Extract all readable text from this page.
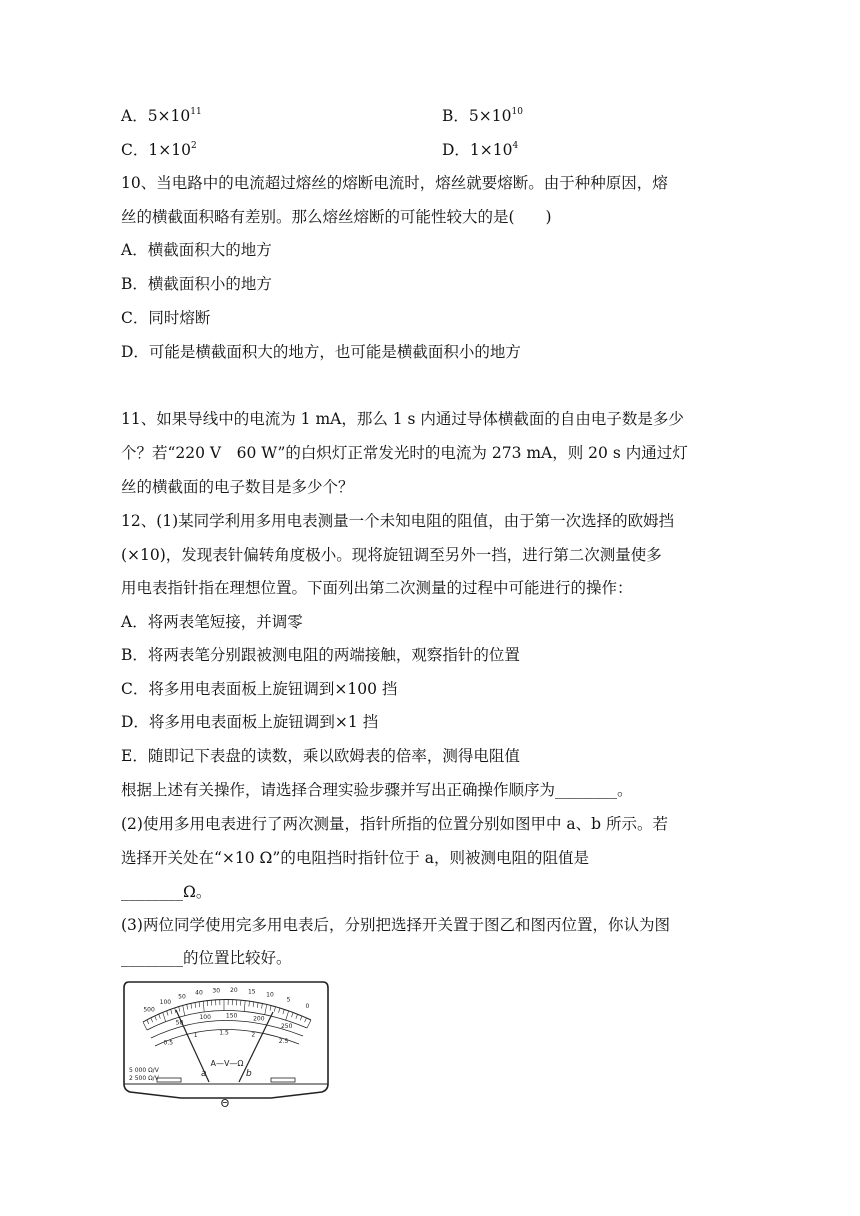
A．$5\times 10^{11}$	B．$5\times 10^{10}$
C．$1\times 10^2$	D．$1\times 10^4$
10、当电路中的电流超过熔丝的熔断电流时，熔丝就要熔断。由于种种原因，熔
丝的横截面积略有差别。那么熔丝熔断的可能性较大的是(　　)
A．横截面积大的地方
B．横截面积小的地方
C．同时熔断
D．可能是横截面积大的地方，也可能是横截面积小的地方
11、如果导线中的电流为 1 mA，那么 1 s 内通过导体横截面的自由电子数是多少
个？若“220 V　60 W”的白炽灯正常发光时的电流为 273 mA，则 20 s 内通过灯
丝的横截面的电子数目是多少个？
12、(1)某同学利用多用电表测量一个未知电阻的阻值，由于第一次选择的欧姆挡
(×10)，发现表针偏转角度极小。现将旋钮调至另外一挡，进行第二次测量使多
用电表指针指在理想位置。下面列出第二次测量的过程中可能进行的操作：
A．将两表笔短接，并调零
B．将两表笔分别跟被测电阻的两端接触，观察指针的位置
C．将多用电表面板上旋钮调到×100 挡
D．将多用电表面板上旋钮调到×1 挡
E．随即记下表盘的读数，乘以欧姆表的倍率，测得电阻值
根据上述有关操作，请选择合理实验步骤并写出正确操作顺序为________。
(2)使用多用电表进行了两次测量，指针所指的位置分别如图甲中 a、b 所示。若
选择开关处在“×10 Ω”的电阻挡时指针位于 a，则被测电阻的阻值是
________Ω。
(3)两位同学使用完多用电表后，分别把选择开关置于图乙和图丙位置，你认为图
________的位置比较好。
500
100
50
40 30 20 15 10
5
0
50
100 150	200
250
0.5
1	1.5	2
2.5
A—V—Ω
a	b
5 000 Ω/V
2 500 Ω/V
Θ
